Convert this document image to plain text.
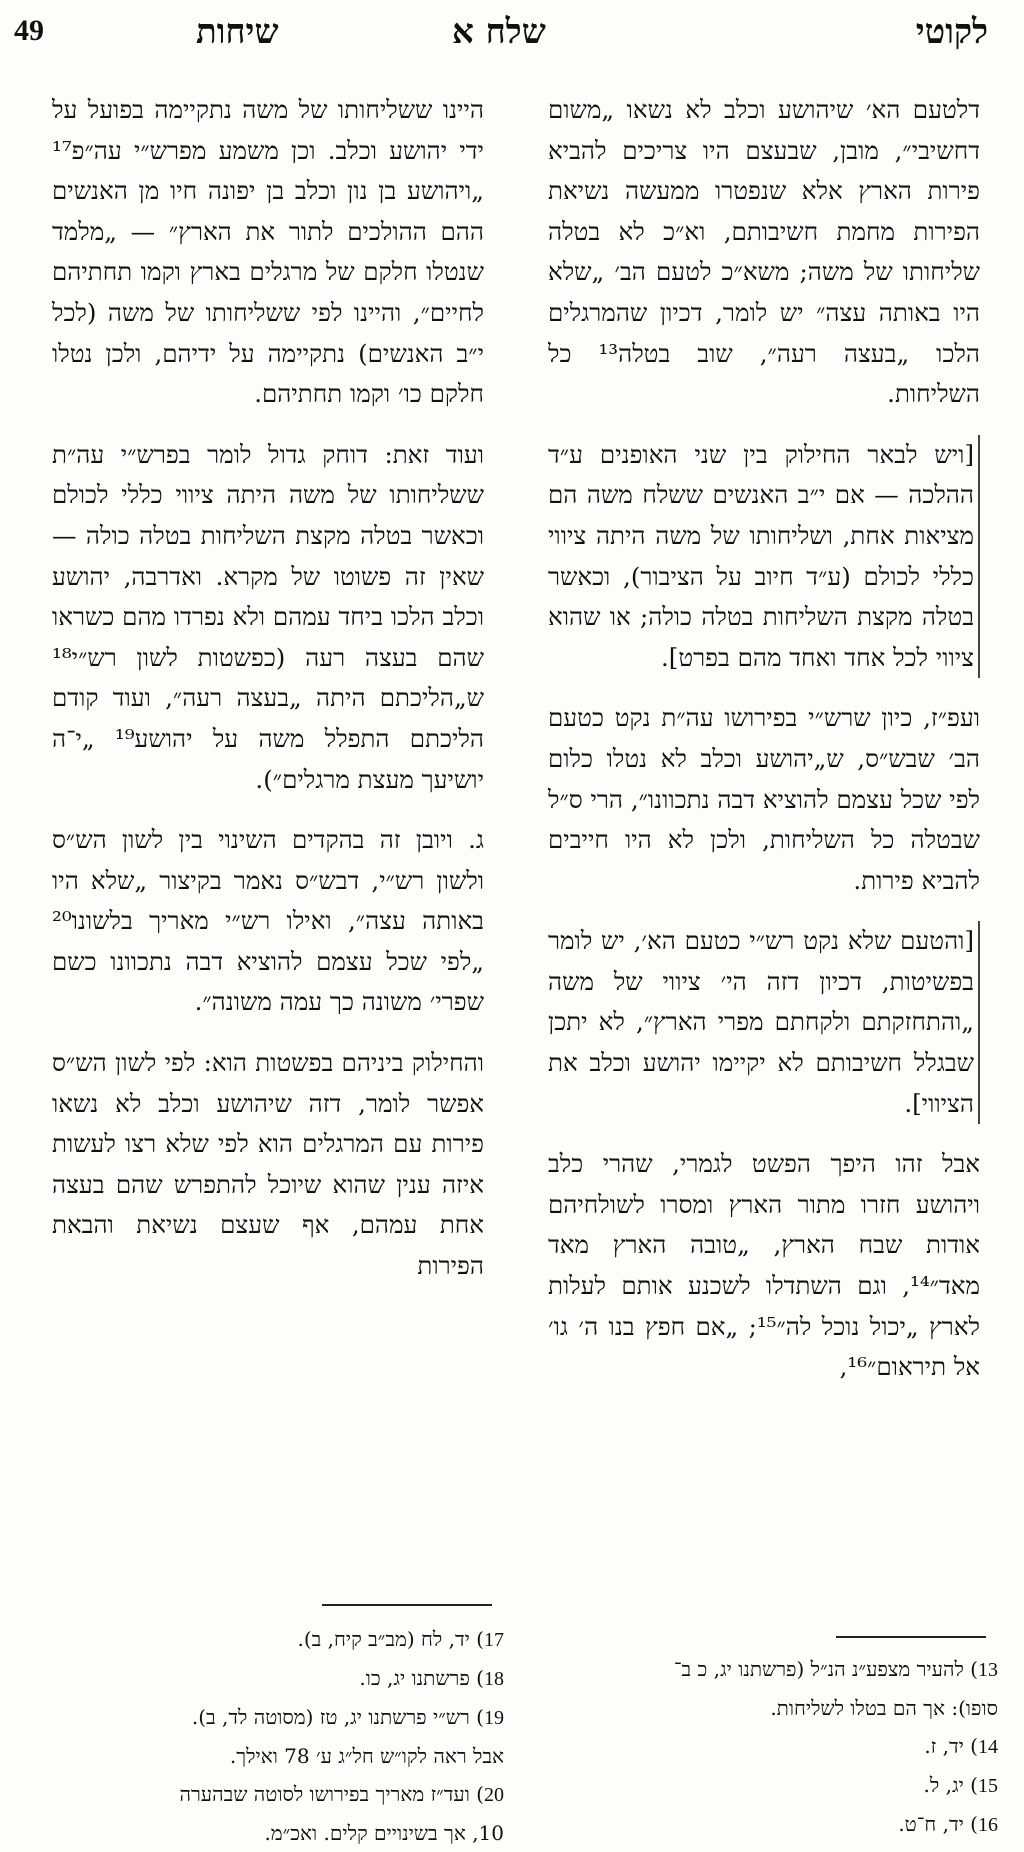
49	שיחות	שלח א	לקוטי

דלטעם הא׳ שיהושע וכלב לא נשאו „משום דחשיבי״, מובן, שבעצם היו צריכים להביא פירות הארץ אלא שנפטרו ממעשה נשיאת הפירות מחמת חשיבותם, וא״כ לא בטלה שליחותו של משה; משא״כ לטעם הב׳ „שלא היו באותה עצה״ יש לומר, דכיון שהמרגלים הלכו „בעצה רעה״, שוב בטלה¹³ כל השליחות.

[ויש לבאר החילוק בין שני האופנים ע״ד ההלכה — אם י״ב האנשים ששלח משה הם מציאות אחת, ושליחותו של משה היתה ציווי כללי לכולם (ע״ד חיוב על הציבור), וכאשר בטלה מקצת השליחות בטלה כולה; או שהוא ציווי לכל אחד ואחד מהם בפרט].

ועפ״ז, כיון שרש״י בפירושו עה״ת נקט כטעם הב׳ שבש״ס, ש„יהושע וכלב לא נטלו כלום לפי שכל עצמם להוציא דבה נתכוונו״, הרי ס״ל שבטלה כל השליחות, ולכן לא היו חייבים להביא פירות.

[והטעם שלא נקט רש״י כטעם הא׳, יש לומר בפשיטות, דכיון דזה הי׳ ציווי של משה „והתחזקתם ולקחתם מפרי הארץ״, לא יתכן שבגלל חשיבותם לא יקיימו יהושע וכלב את הציווי].

אבל זהו היפך הפשט לגמרי, שהרי כלב ויהושע חזרו מתור הארץ ומסרו לשולחיהם אודות שבח הארץ, „טובה הארץ מאד מאד״¹⁴, וגם השתדלו לשכנע אותם לעלות לארץ „יכול נוכל לה״¹⁵; „אם חפץ בנו ה׳ גו׳ אל תיראום״¹⁶,

היינו ששליחותו של משה נתקיימה בפועל על ידי יהושע וכלב. וכן משמע מפרש״י עה״פ¹⁷ „ויהושע בן נון וכלב בן יפונה חיו מן האנשים ההם ההולכים לתור את הארץ״ — „מלמד שנטלו חלקם של מרגלים בארץ וקמו תחתיהם לחיים״, והיינו לפי ששליחותו של משה (לכל י״ב האנשים) נתקיימה על ידיהם, ולכן נטלו חלקם כו׳ וקמו תחתיהם.

ועוד זאת: דוחק גדול לומר בפרש״י עה״ת ששליחותו של משה היתה ציווי כללי לכולם וכאשר בטלה מקצת השליחות בטלה כולה — שאין זה פשוטו של מקרא. ואדרבה, יהושע וכלב הלכו ביחד עמהם ולא נפרדו מהם כשראו שהם בעצה רעה (כפשטות לשון רש״י¹⁸ ש„הליכתם היתה „בעצה רעה״, ועוד קודם הליכתם התפלל משה על יהושע¹⁹ „י־ה יושיעך מעצת מרגלים״).

ג. ויובן זה בהקדים השינוי בין לשון הש״ס ולשון רש״י, דבש״ס נאמר בקיצור „שלא היו באותה עצה״, ואילו רש״י מאריך בלשונו²⁰ „לפי שכל עצמם להוציא דבה נתכוונו כשם שפרי׳ משונה כך עמה משונה״.

והחילוק ביניהם בפשטות הוא: לפי לשון הש״ס אפשר לומר, דזה שיהושע וכלב לא נשאו פירות עם המרגלים הוא לפי שלא רצו לעשות איזה ענין שהוא שיוכל להתפרש שהם בעצה אחת עמהם, אף שעצם נשיאת והבאת הפירות

17) יד, לח (מב״ב קיח, ב).

18) פרשתנו יג, כו.

19) רש״י פרשתנו יג, טז (מסוטה לד, ב).

אבל ראה לקו״ש חל״ג ע׳ 78 ואילך.

20) ועד״ז מאריך בפירושו לסוטה שבהערה

10, אך בשינויים קלים. ואכ״מ.

13) להעיר מצפע״נ הנ״ל (פרשתנו יג, כ ב־

סופו): אך הם בטלו לשליחות.

14) יד, ז.

15) יג, ל.

16) יד, ח־ט.
